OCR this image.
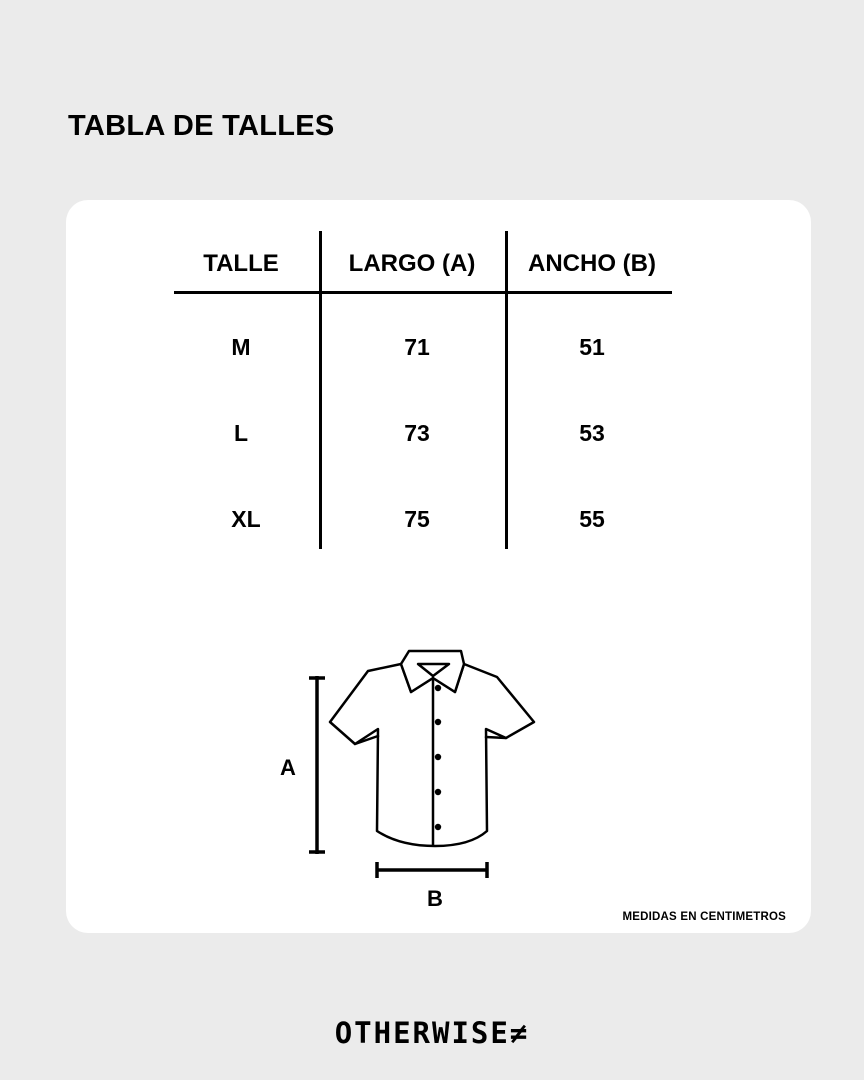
TABLA DE TALLES
TALLE	LARGO (A)	ANCHO (B)
M	71	51
L	73	53
XL	75	55
A
B
MEDIDAS EN CENTIMETROS
OTHERWISE≠
